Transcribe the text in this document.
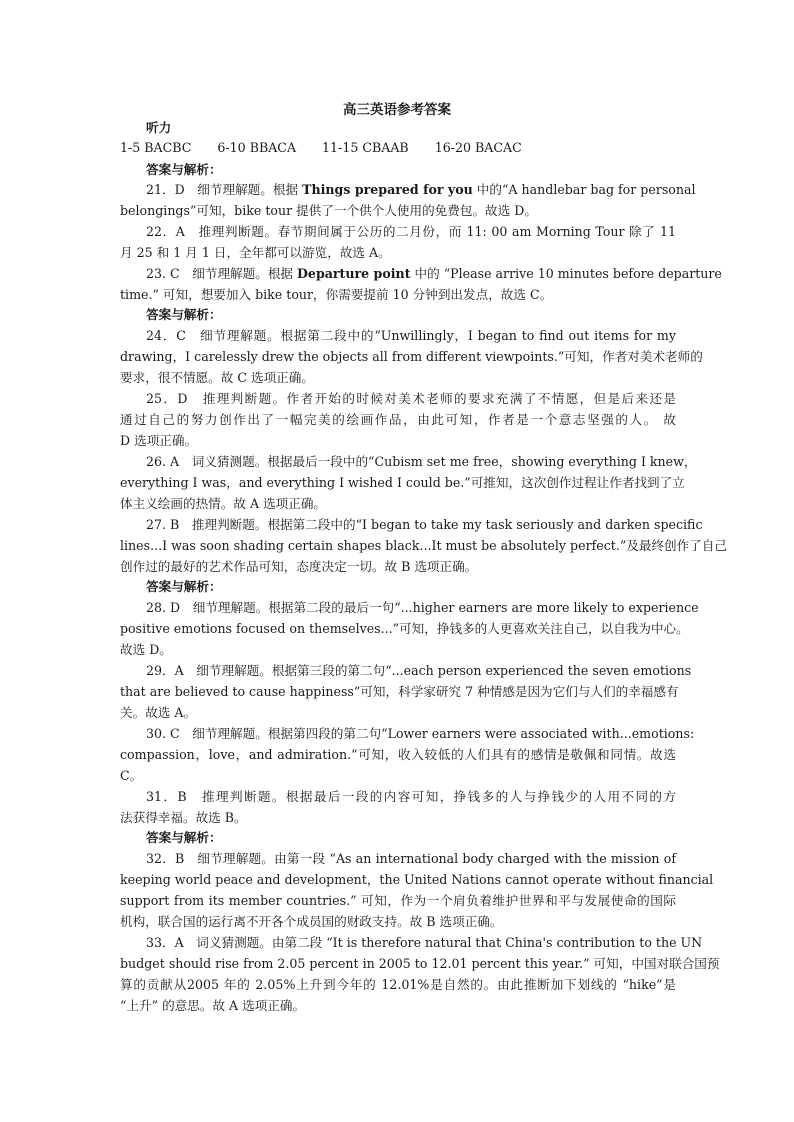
高三英语参考答案
听力
1-5 BACBC 6-10 BBACA 11-15 CBAAB 16-20 BACAC
答案与解析：
21．D　细节理解题。根据 Things prepared for you 中的“A handlebar bag for personal
belongings”可知，bike tour 提供了一个供个人使用的免费包。故选 D。
22．A　推理判断题。春节期间属于公历的二月份，而 11: 00 am Morning Tour 除了 11
月 25 和 1 月 1 日，全年都可以游览，故选 A。
23. C　细节理解题。根据 Departure point 中的 “Please arrive 10 minutes before departure
time.” 可知，想要加入 bike tour，你需要提前 10 分钟到出发点，故选 C。
答案与解析：
24．C　细节理解题。根据第二段中的“Unwillingly，I began to find out items for my
drawing，I carelessly drew the objects all from different viewpoints.”可知，作者对美术老师的
要求，很不情愿。故 C 选项正确。
25．D　推理判断题。作者开始的时候对美术老师的要求充满了不情愿，但是后来还是
通过自己的努力创作出了一幅完美的绘画作品，由此可知，作者是一个意志坚强的人。 故
D 选项正确。
26. A　词义猜测题。根据最后一段中的“Cubism set me free，showing everything I knew，
everything I was，and everything I wished I could be.”可推知，这次创作过程让作者找到了立
体主义绘画的热情。故 A 选项正确。
27. B　推理判断题。根据第二段中的“I began to take my task seriously and darken specific
lines...I was soon shading certain shapes black...It must be absolutely perfect.”及最终创作了自己
创作过的最好的艺术作品可知，态度决定一切。故 B 选项正确。
答案与解析：
28. D　细节理解题。根据第二段的最后一句“...higher earners are more likely to experience
positive emotions focused on themselves...”可知，挣钱多的人更喜欢关注自己，以自我为中心。
故选 D。
29．A　细节理解题。根据第三段的第二句“...each person experienced the seven emotions
that are believed to cause happiness”可知，科学家研究 7 种情感是因为它们与人们的幸福感有
关。故选 A。
30. C　细节理解题。根据第四段的第二句“Lower earners were associated with...emotions:
compassion，love，and admiration.”可知，收入较低的人们具有的感情是敬佩和同情。故选
C。
31．B　推理判断题。根据最后一段的内容可知，挣钱多的人与挣钱少的人用不同的方
法获得幸福。故选 B。
答案与解析：
32．B　细节理解题。由第一段 “As an international body charged with the mission of
keeping world peace and development，the United Nations cannot operate without financial
support from its member countries.” 可知，作为一个肩负着维护世界和平与发展使命的国际
机构，联合国的运行离不开各个成员国的财政支持。故 B 选项正确。
33．A　词义猜测题。由第二段 “It is therefore natural that China's contribution to the UN
budget should rise from 2.05 percent in 2005 to 12.01 percent this year.” 可知，中国对联合国预
算的贡献从2005 年的 2.05%上升到今年的 12.01%是自然的。由此推断加下划线的 “hike”是
“上升” 的意思。故 A 选项正确。
